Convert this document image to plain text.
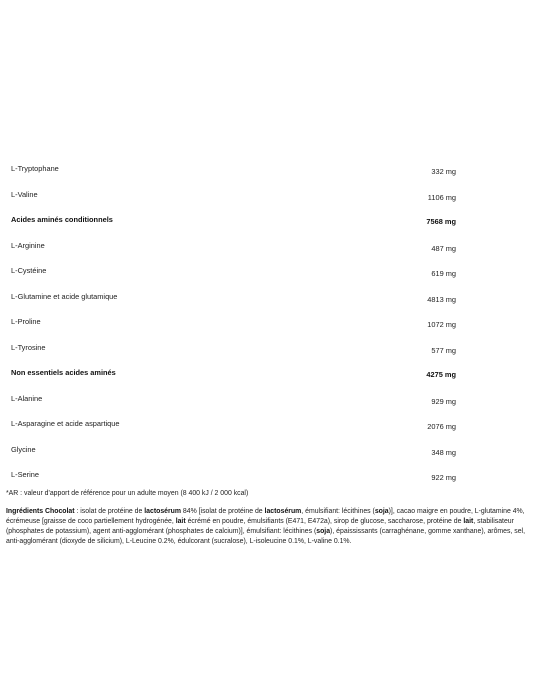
L-Tryptophane	332 mg
L-Valine	1106 mg
Acides aminés conditionnels	7568 mg
L-Arginine	487 mg
L-Cystéine	619 mg
L-Glutamine et acide glutamique	4813 mg
L-Proline	1072 mg
L-Tyrosine	577 mg
Non essentiels acides aminés	4275 mg
L-Alanine	929 mg
L-Asparagine et acide aspartique	2076 mg
Glycine	348 mg
L-Serine	922 mg
*AR : valeur d'apport de référence pour un adulte moyen (8 400 kJ / 2 000 kcal)
Ingrédients Chocolat : isolat de protéine de lactosérum 84% [isolat de protéine de lactosérum, émulsifiant: lécithines (soja)], cacao maigre en poudre, L-glutamine 4%, écrémeuse [graisse de coco partiellement hydrogénée, lait écrémé en poudre, émulsifiants (E471, E472a), sirop de glucose, saccharose, protéine de lait, stabilisateur (phosphates de potassium), agent anti-agglomérant (phosphates de calcium)], émulsifiant: lécithines (soja), épaississants (carraghénane, gomme xanthane), arômes, sel, anti-agglomérant (dioxyde de silicium), L-Leucine 0.2%, édulcorant (sucralose), L-isoleucine 0.1%, L-valine 0.1%.
